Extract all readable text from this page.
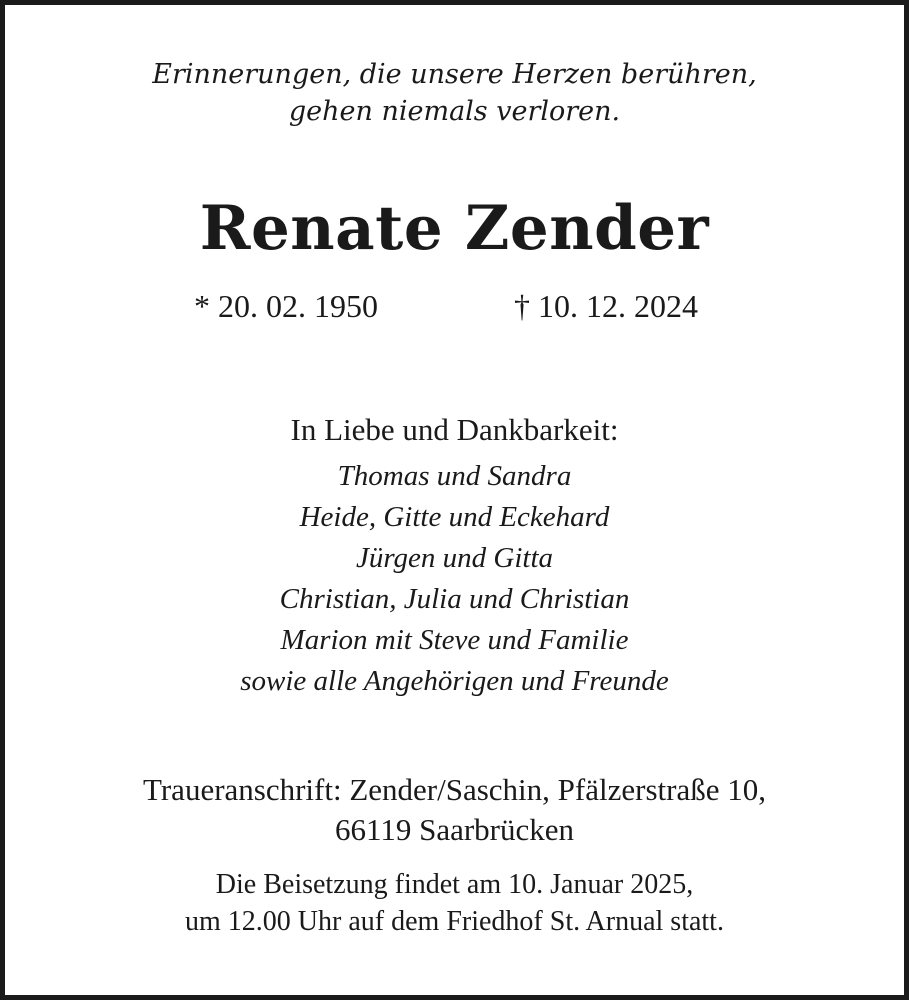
Erinnerungen, die unsere Herzen berühren,
gehen niemals verloren.
Renate Zender
* 20. 02. 1950	† 10. 12. 2024
In Liebe und Dankbarkeit:
Thomas und Sandra
Heide, Gitte und Eckehard
Jürgen und Gitta
Christian, Julia und Christian
Marion mit Steve und Familie
sowie alle Angehörigen und Freunde
Traueranschrift: Zender/Saschin, Pfälzerstraße 10,
66119 Saarbrücken
Die Beisetzung findet am 10. Januar 2025,
um 12.00 Uhr auf dem Friedhof St. Arnual statt.
